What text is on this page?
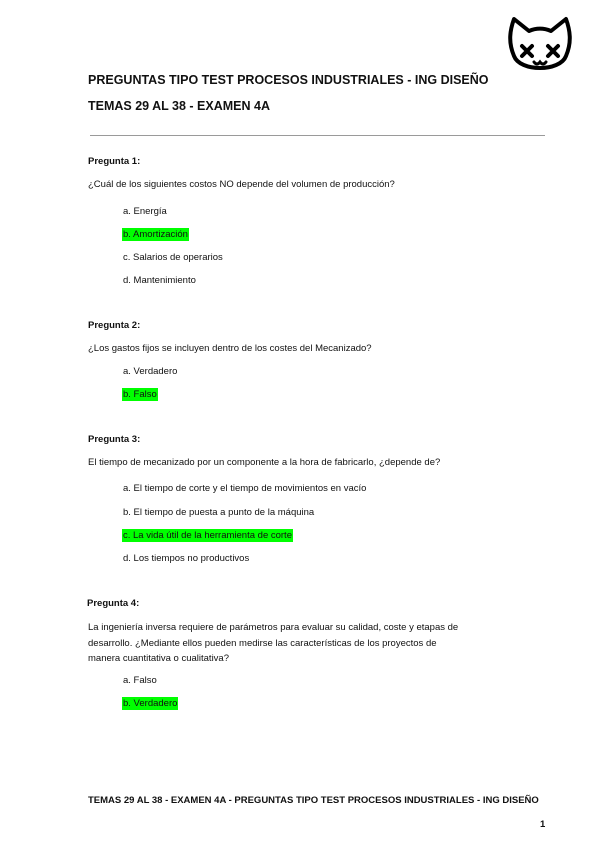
PREGUNTAS TIPO TEST PROCESOS INDUSTRIALES - ING DISEÑO
TEMAS 29 AL 38 - EXAMEN 4A
Pregunta 1:
¿Cuál de los siguientes costos NO depende del volumen de producción?
a. Energía
b. Amortización
c. Salarios de operarios
d. Mantenimiento
Pregunta 2:
¿Los gastos fijos se incluyen dentro de los costes del Mecanizado?
a. Verdadero
b. Falso
Pregunta 3:
El tiempo de mecanizado por un componente a la hora de fabricarlo, ¿depende de?
a. El tiempo de corte y el tiempo de movimientos en vacío
b. El tiempo de puesta a punto de la máquina
c. La vida útil de la herramienta de corte
d. Los tiempos no productivos
Pregunta 4:
La ingeniería inversa requiere de parámetros para evaluar su calidad, coste y etapas de desarrollo. ¿Mediante ellos pueden medirse las características de los proyectos de manera cuantitativa o cualitativa?
a. Falso
b. Verdadero
TEMAS 29 AL 38 - EXAMEN 4A - PREGUNTAS TIPO TEST PROCESOS INDUSTRIALES - ING DISEÑO
1
